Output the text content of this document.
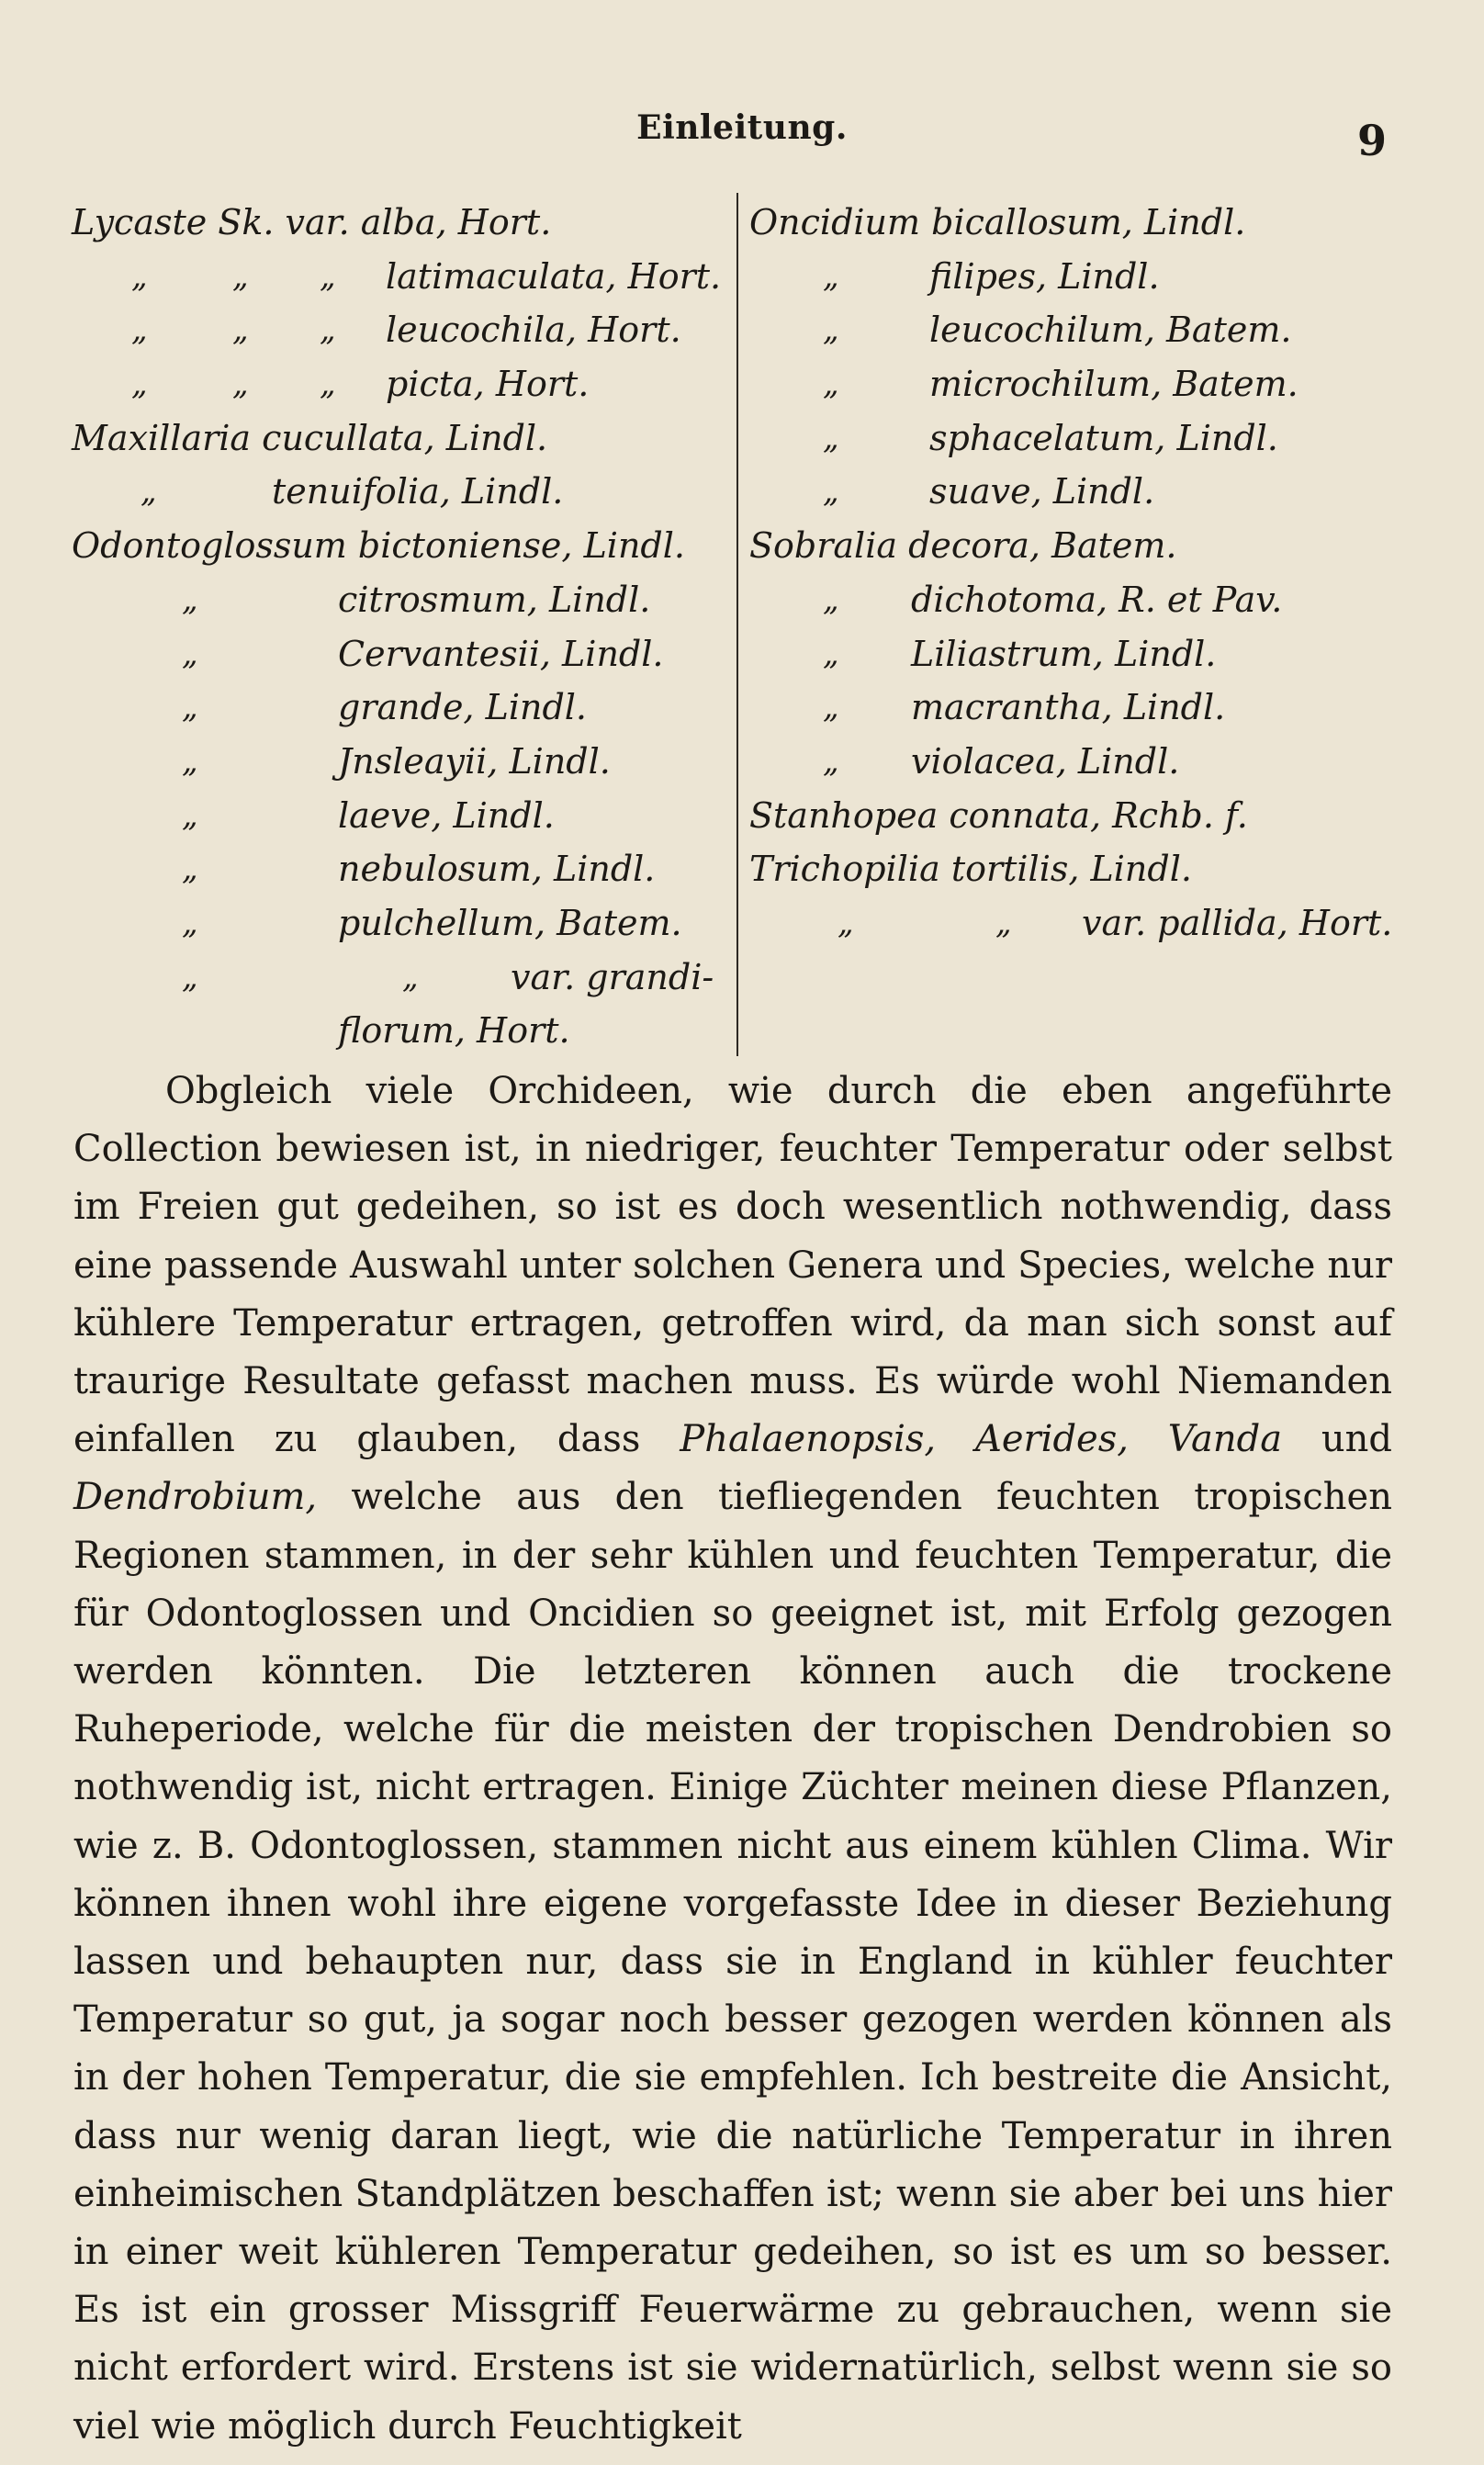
Einleitung.	9
Lycaste Sk. var. alba, Hort.
„	„ „ latimaculata, Hort.
„	„ „ leucochila, Hort.
„	„ „ picta, Hort.
Maxillaria cucullata, Lindl.
„	tenuifolia, Lindl.
Odontoglossum bictoniense, Lindl.
„	citrosmum, Lindl.
„	Cervantesii, Lindl.
„	grande, Lindl.
„	Jnsleayii, Lindl.
„	laeve, Lindl.
„	nebulosum, Lindl.
„	pulchellum, Batem.
„	„	var. grandi-
florum, Hort.
Oncidium bicallosum, Lindl.
„	filipes, Lindl.
„	leucochilum, Batem.
„	microchilum, Batem.
„	sphacelatum, Lindl.
„	suave, Lindl.
Sobralia decora, Batem.
„ dichotoma, R. et Pav.
„ Liliastrum, Lindl.
„ macrantha, Lindl.
„ violacea, Lindl.
Stanhopea connata, Rchb. f.
Trichopilia tortilis, Lindl.
„	„ var. pallida, Hort.

Obgleich viele Orchideen, wie durch die eben angeführte Collection bewiesen ist, in niedriger, feuchter Temperatur oder selbst im Freien gut gedeihen, so ist es doch wesentlich nothwendig, dass eine passende Auswahl unter solchen Genera und Species, welche nur kühlere Temperatur ertragen, getroffen wird, da man sich sonst auf traurige Resultate gefasst machen muss. Es würde wohl Niemanden einfallen zu glauben, dass Phalaenopsis, Aerides, Vanda und Dendrobium, welche aus den tiefliegenden feuchten tropischen Regionen stammen, in der sehr kühlen und feuchten Temperatur, die für Odontoglossen und Oncidien so geeignet ist, mit Erfolg gezogen werden könnten. Die letzteren können auch die trockene Ruheperiode, welche für die meisten der tropischen Dendrobien so nothwendig ist, nicht ertragen. Einige Züchter meinen diese Pflanzen, wie z. B. Odontoglossen, stammen nicht aus einem kühlen Clima. Wir können ihnen wohl ihre eigene vorgefasste Idee in dieser Beziehung lassen und behaupten nur, dass sie in England in kühler feuchter Temperatur so gut, ja sogar noch besser gezogen werden können als in der hohen Temperatur, die sie empfehlen. Ich bestreite die Ansicht, dass nur wenig daran liegt, wie die natürliche Temperatur in ihren einheimischen Standplätzen beschaffen ist; wenn sie aber bei uns hier in einer weit kühleren Temperatur gedeihen, so ist es um so besser. Es ist ein grosser Missgriff Feuerwärme zu gebrauchen, wenn sie nicht erfordert wird. Erstens ist sie widernatürlich, selbst wenn sie so viel wie möglich durch Feuchtigkeit
